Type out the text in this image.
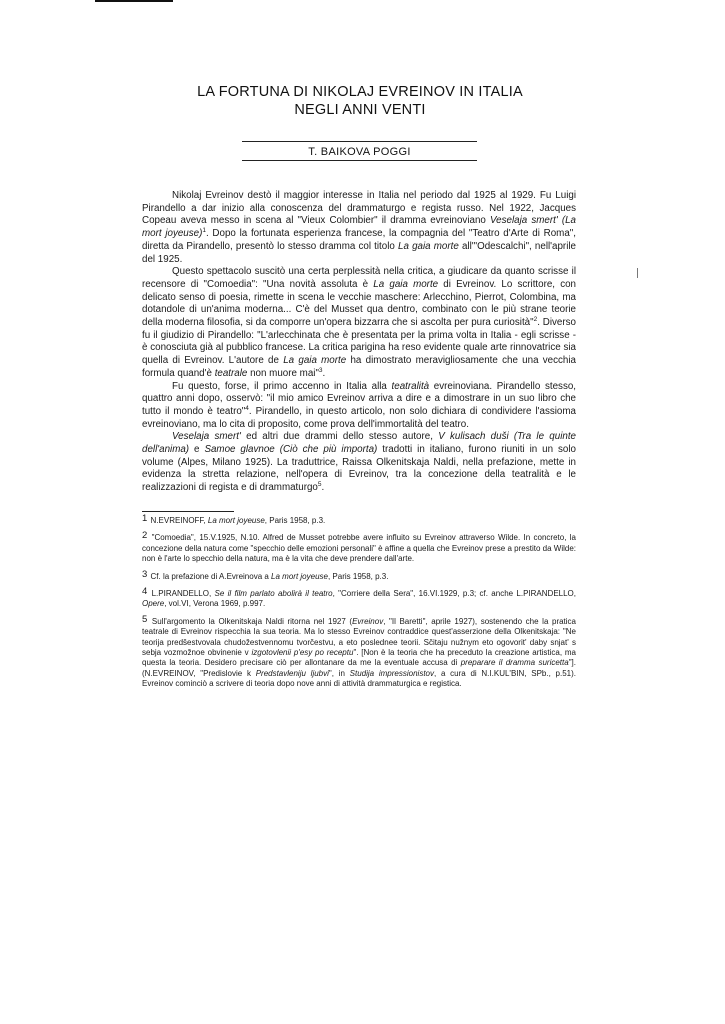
LA FORTUNA DI NIKOLAJ EVREINOV IN ITALIA
NEGLI ANNI VENTI
T. BAIKOVA POGGI

Nikolaj Evreinov destò il maggior interesse in Italia nel periodo dal 1925 al 1929. Fu Luigi Pirandello a dar inizio alla conoscenza del drammaturgo e regista russo. Nel 1922, Jacques Copeau aveva messo in scena al "Vieux Colombier" il dramma evreinoviano Veselaja smert' (La mort joyeuse)$^1$. Dopo la fortunata esperienza francese, la compagnia del "Teatro d'Arte di Roma", diretta da Pirandello, presentò lo stesso dramma col titolo La gaia morte all'"Odescalchi", nell'aprile del 1925.

Questo spettacolo suscitò una certa perplessità nella critica, a giudicare da quanto scrisse il recensore di "Comoedia": "Una novità assoluta è La gaia morte di Evreinov. Lo scrittore, con delicato senso di poesia, rimette in scena le vecchie maschere: Arlecchino, Pierrot, Colombina, ma dotandole di un'anima moderna... C'è del Musset qua dentro, combinato con le più strane teorie della moderna filosofia, si da comporre un'opera bizzarra che si ascolta per pura curiosità"$^2$. Diverso fu il giudizio di Pirandello: "L'arlecchinata che è presentata per la prima volta in Italia - egli scrisse - è conosciuta già al pubblico francese. La critica parigina ha reso evidente quale arte rinnovatrice sia quella di Evreinov. L'autore de La gaia morte ha dimostrato meravigliosamente che una vecchia formula quand'è teatrale non muore mai"$^3$.

Fu questo, forse, il primo accenno in Italia alla teatralità evreinoviana. Pirandello stesso, quattro anni dopo, osservò: "il mio amico Evreinov arriva a dire e a dimostrare in un suo libro che tutto il mondo è teatro"$^4$. Pirandello, in questo articolo, non solo dichiara di condividere l'assioma evreinoviano, ma lo cita di proposito, come prova dell'immortalità del teatro.

Veselaja smert' ed altri due drammi dello stesso autore, V kulisach duši (Tra le quinte dell'anima) e Samoe glavnoe (Ciò che più importa) tradotti in italiano, furono riuniti in un solo volume (Alpes, Milano 1925). La traduttrice, Raissa Olkenitskaja Naldi, nella prefazione, mette in evidenza la stretta relazione, nell'opera di Evreinov, tra la concezione della teatralità e le realizzazioni di regista e di drammaturgo$^5$.

1 N.EVREINOFF, La mort joyeuse, Paris 1958, p.3.

2 "Comoedia", 15.V.1925, N.10. Alfred de Musset potrebbe avere influito su Evreinov attraverso Wilde. In concreto, la concezione della natura come "specchio delle emozioni personali" è affine a quella che Evreinov prese a prestito da Wilde: non è l'arte lo specchio della natura, ma è la vita che deve prendere dall'arte.

3 Cf. la prefazione di A.Evreinova a La mort joyeuse, Paris 1958, p.3.

4 L.PIRANDELLO, Se il film parlato abolirà il teatro, "Corriere della Sera", 16.VI.1929, p.3; cf. anche L.PIRANDELLO, Opere, vol.VI, Verona 1969, p.997.

5 Sull'argomento la Olkenitskaja Naldi ritorna nel 1927 (Evreinov, "Il Baretti", aprile 1927), sostenendo che la pratica teatrale di Evreinov rispecchia la sua teoria. Ma lo stesso Evreinov contraddice quest'asserzione della Olkenitskaja: "Ne teorija predšestvovala chudožestvennomu tvorčestvu, a eto poslednee teorii. Sčitaju nužnym eto ogovorit' daby snjat' s sebja vozmožnoe obvinenie v izgotovlenii p'esy po receptu". [Non è la teoria che ha preceduto la creazione artistica, ma questa la teoria. Desidero precisare ciò per allontanare da me la eventuale accusa di preparare il dramma suricetta"]. (N.EVREINOV, "Predislovie k Predstavleniju ljubvi", in Studija impressionistov, a cura di N.I.KUL'BIN, SPb., p.51). Evreinov cominciò a scrivere di teoria dopo nove anni di attività drammaturgica e registica.
